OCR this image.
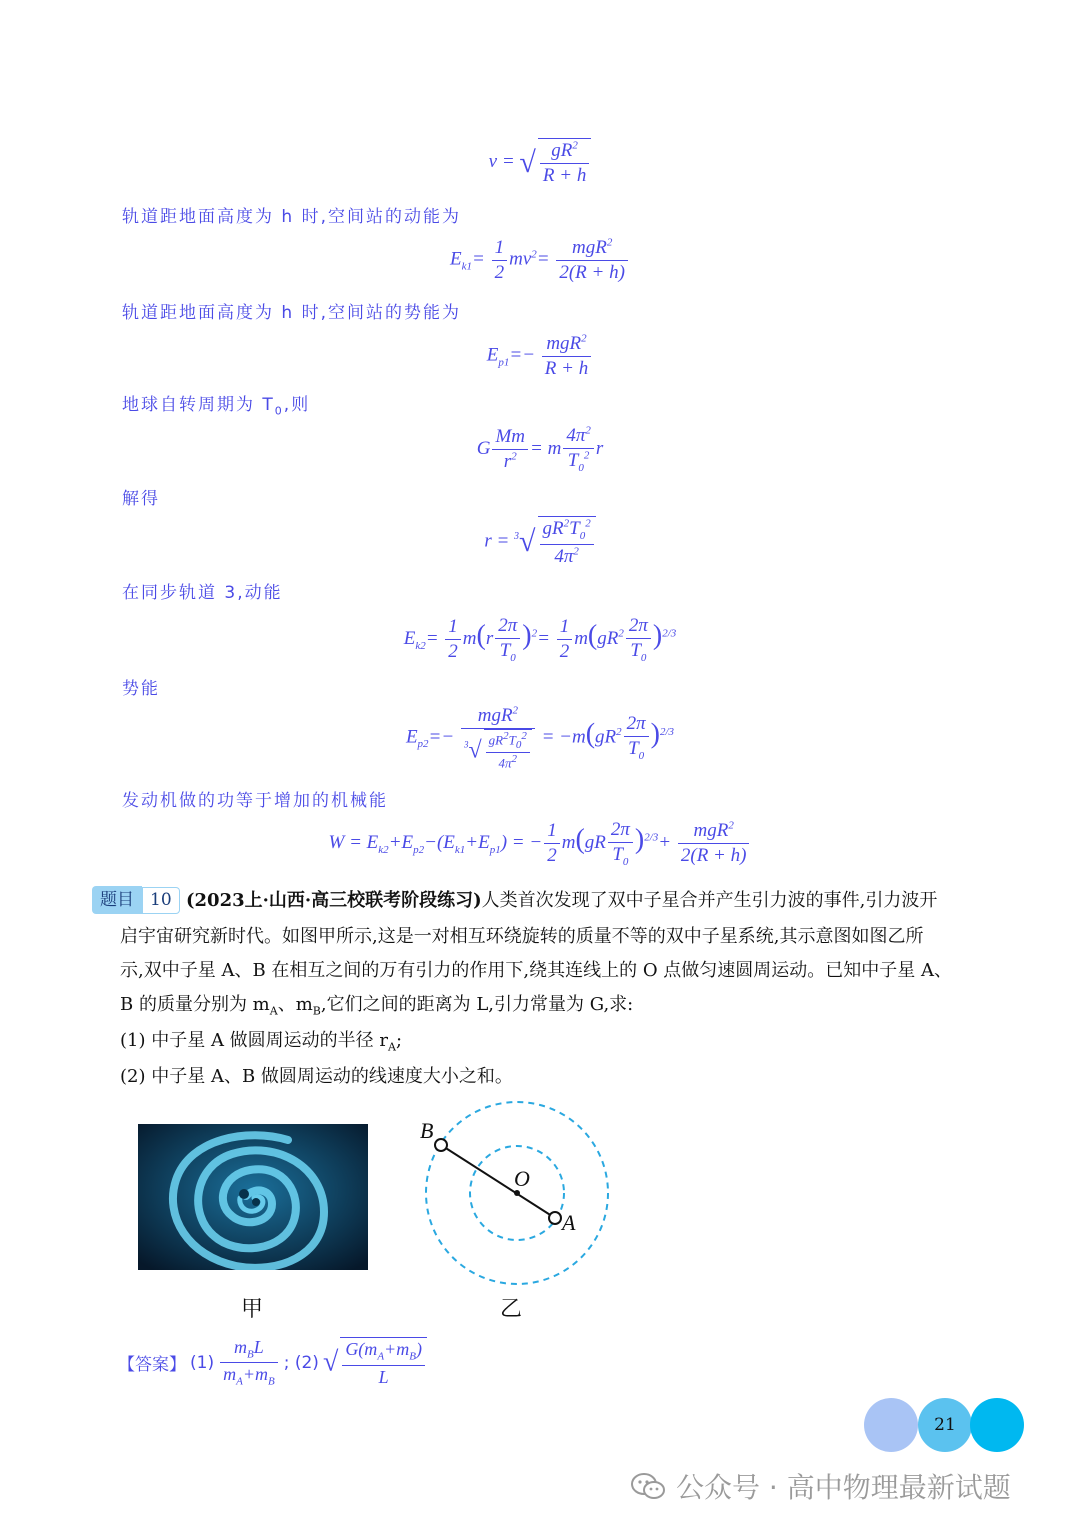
v = √ $\frac{gR^2}{R + h}$
轨道距地面高度为 h 时,空间站的动能为
$E_{k1}= \frac{1}{2} mv^2= \frac{mgR^2}{2(R + h)}$
轨道距地面高度为 h 时,空间站的势能为
$E_{p1}=- \frac{mgR^2}{R + h}$
地球自转周期为 $T_0$,则
G $\frac{Mm}{r^2} = m \frac{4\pi^2}{T_0^2}$ r
解得
$r = ^3√ \frac{gR^2T_0^2}{4\pi^2}$
在同步轨道 3,动能
$E_{k2}= \frac{1}{2} m(r \frac{2\pi}{T_0} )^2= \frac{1}{2} m(gR^2 \frac{2\pi}{T_0} )^{2/3}$
势能
$E_{p2}=- \frac{mgR^2}{^3√ \frac{gR^2T_0^2}{4\pi^2}} = -m(gR^2 \frac{2\pi}{T_0} )^{2/3}$
发动机做的功等于增加的机械能
$W = E_{k2}+E_{p2}-(E_{k1}+E_{p1})$ = − $\frac{1}{2} m(gR \frac{2\pi}{T_0} )^{2/3}+ \frac{mgR^2}{2(R + h)}$
题目 10 (2023上·山西·高三校联考阶段练习)人类首次发现了双中子星合并产生引力波的事件,引力波开
启宇宙研究新时代。如图甲所示,这是一对相互环绕旋转的质量不等的双中子星系统,其示意图如图乙所
示,双中子星 A、B 在相互之间的万有引力的作用下,绕其连线上的 O 点做匀速圆周运动。已知中子星 A、
B 的质量分别为 $m_A$、$m_B$,它们之间的距离为 L,引力常量为 G,求:
(1) 中子星 A 做圆周运动的半径 $r_A$;
(2) 中子星 A、B 做圆周运动的线速度大小之和。
B
O
A
甲	乙
【答案】 $(1) \frac{m_BL}{m_A+m_B}$ ; (2) √ $\frac{G(m_A+m_B)}{L}$
21
公众号 · 高中物理最新试题
